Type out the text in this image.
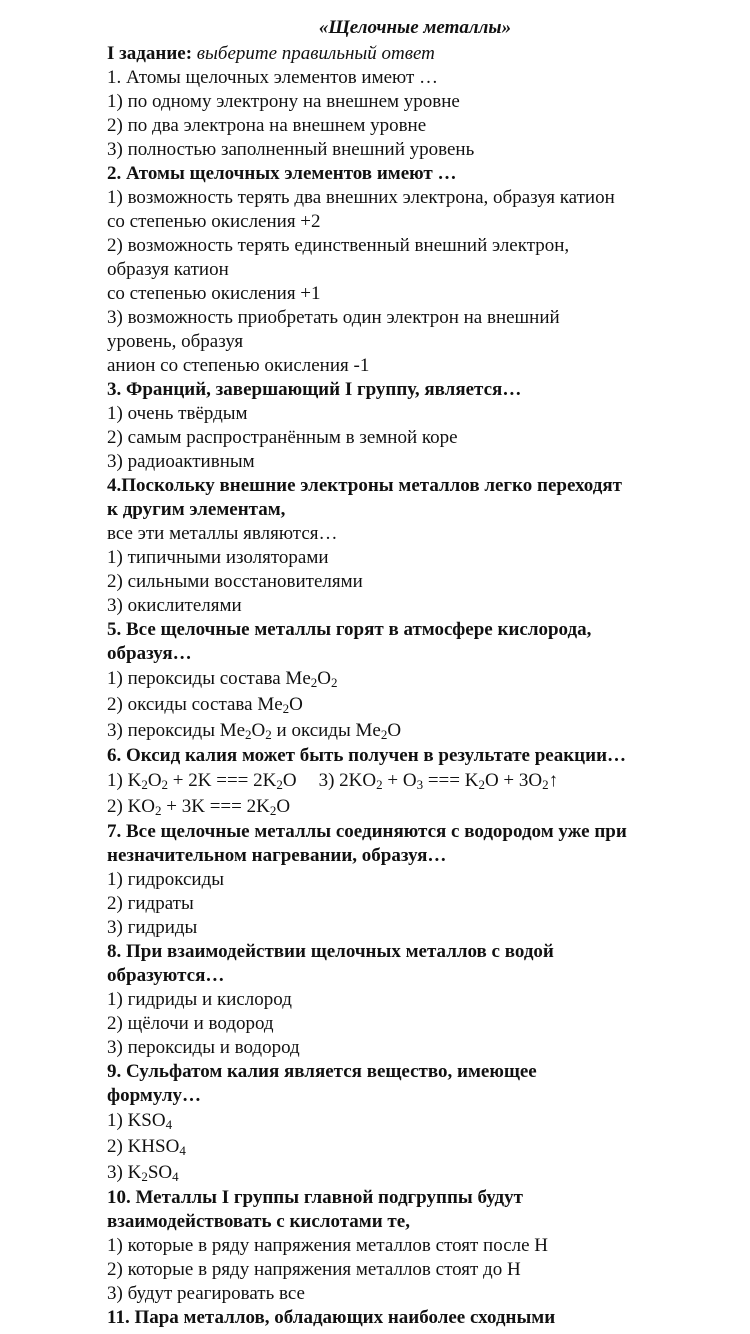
«Щелочные металлы»
I задание: выберите правильный ответ
1. Атомы щелочных элементов имеют …
1) по одному электрону на внешнем уровне
2) по два электрона на внешнем уровне
3) полностью заполненный внешний уровень
2. Атомы щелочных элементов имеют …
1) возможность терять два внешних электрона, образуя катион
со степенью окисления +2
2) возможность терять единственный внешний электрон,
образуя катион
со степенью окисления +1
3) возможность приобретать один электрон на внешний
уровень, образуя
анион со степенью окисления -1
3. Франций, завершающий I группу, является…
1) очень твёрдым
2) самым распространённым в земной коре
3) радиоактивным
4.Поскольку внешние электроны металлов легко переходят
к другим элементам,
все эти металлы являются…
1) типичными изоляторами
2) сильными восстановителями
3) окислителями
5. Все щелочные металлы горят в атмосфере кислорода,
образуя…
1) пероксиды состава $Me_2O_2$
2) оксиды состава $Me_2O$
3) пероксиды $Me_2O_2$ и оксиды $Me_2O$
6. Оксид калия может быть получен в результате реакции…
1) $K_2O_2 + 2K$ === $2K_2O$ 3) $2KO_2 + O_3$ === $K_2O$ + $3O_2↑$
2) $KO_2 + 3K$ === $2K_2O$
7. Все щелочные металлы соединяются с водородом уже при
незначительном нагревании, образуя…
1) гидроксиды
2) гидраты
3) гидриды
8. При взаимодействии щелочных металлов с водой
образуются…
1) гидриды и кислород
2) щёлочи и водород
3) пероксиды и водород
9. Сульфатом калия является вещество, имеющее
формулу…
1) $KSO_4$
2) $KHSO_4$
3) $K_2SO_4$
10. Металлы I группы главной подгруппы будут
взаимодействовать с кислотами те,
1) которые в ряду напряжения металлов стоят после H
2) которые в ряду напряжения металлов стоят до H
3) будут реагировать все
11. Пара металлов, обладающих наиболее сходными
